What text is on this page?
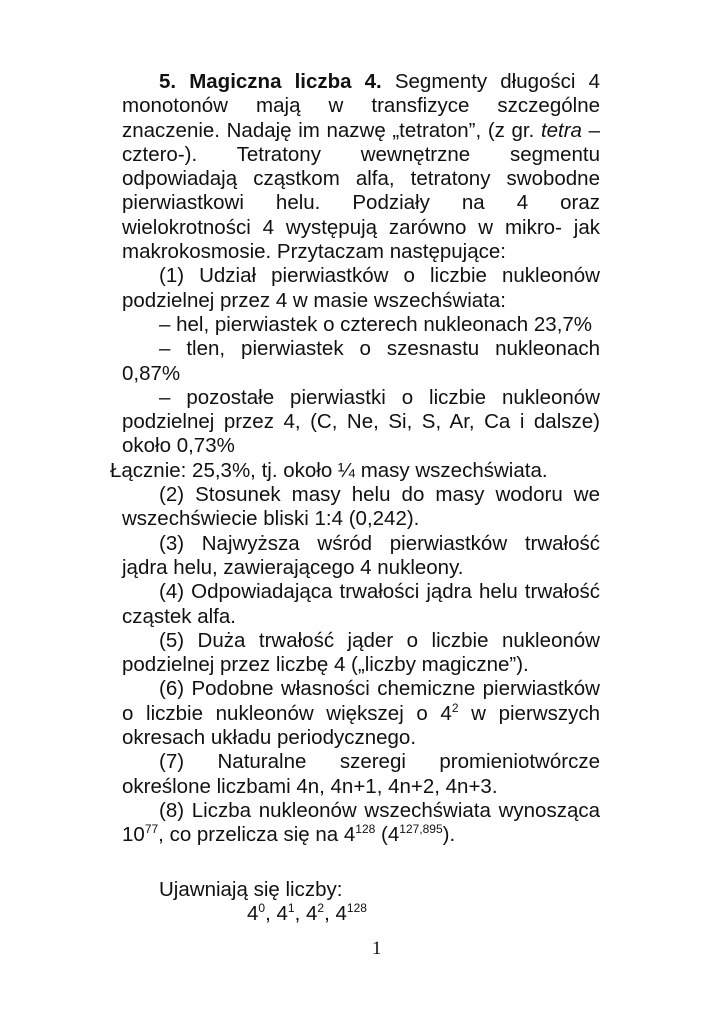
5. Magiczna liczba 4. Segmenty długości 4 monotonów mają w transfizyce szczególne znaczenie. Nadaję im nazwę „tetraton”, (z gr. tetra – cztero-). Tetratony wewnętrzne segmentu odpowiadają cząstkom alfa, tetratony swobodne pierwiastkowi helu. Podziały na 4 oraz wielokrotności 4 występują zarówno w mikro- jak makrokosmosie. Przytaczam następujące:

(1) Udział pierwiastków o liczbie nukleonów podzielnej przez 4 w masie wszechświata:

– hel, pierwiastek o czterech nukleonach 23,7%

– tlen, pierwiastek o szesnastu nukleonach 0,87%

– pozostałe pierwiastki o liczbie nukleonów podzielnej przez 4, (C, Ne, Si, S, Ar, Ca i dalsze) około 0,73%

Łącznie: 25,3%, tj. około ¼ masy wszechświata.

(2) Stosunek masy helu do masy wodoru we wszechświecie bliski 1:4 (0,242).

(3) Najwyższa wśród pierwiastków trwałość jądra helu, zawierającego 4 nukleony.

(4) Odpowiadająca trwałości jądra helu trwałość cząstek alfa.

(5) Duża trwałość jąder o liczbie nukleonów podzielnej przez liczbę 4 („liczby magiczne”).

(6) Podobne własności chemiczne pierwiastków o liczbie nukleonów większej o $4^2$ w pierwszych okresach układu periodycznego.

(7) Naturalne szeregi promieniotwórcze określone liczbami 4n, 4n+1, 4n+2, 4n+3.

(8) Liczba nukleonów wszechświata wynosząca $10^{77}$, co przelicza się na $4^{128}$ (4$^{127,895}$).

Ujawniają się liczby:

$4^0$, $4^1$, $4^2$, $4^{128}$

1
